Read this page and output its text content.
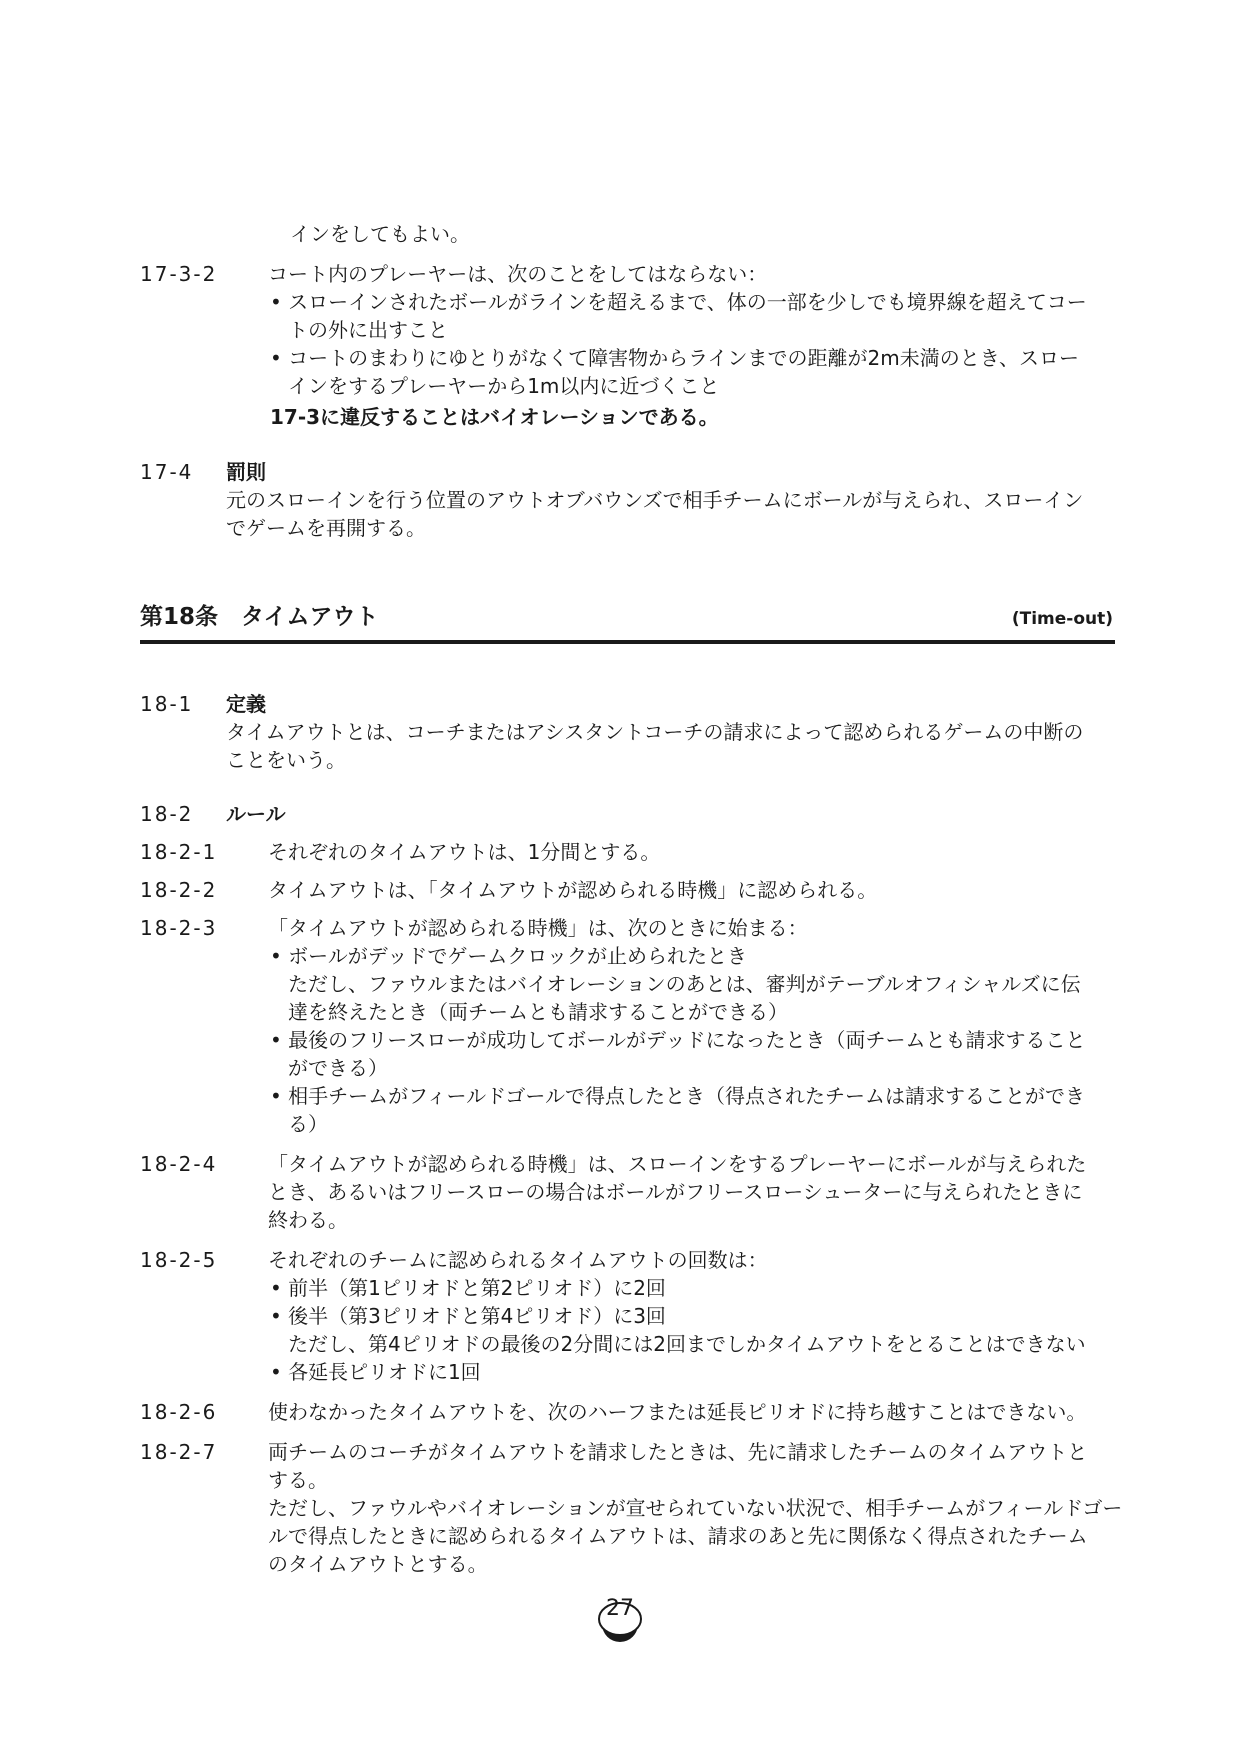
インをしてもよい。
17-3-2	コート内のプレーヤーは、次のことをしてはならない：
• スローインされたボールがラインを超えるまで、体の一部を少しでも境界線を超えてコー
トの外に出すこと
• コートのまわりにゆとりがなくて障害物からラインまでの距離が2m未満のとき、スロー
インをするプレーヤーから1m以内に近づくこと
17-3に違反することはバイオレーションである。
17-4 罰則
元のスローインを行う位置のアウトオブバウンズで相手チームにボールが与えられ、スローイン
でゲームを再開する。
第18条　タイムアウト	(Time-out)
18-1 定義
タイムアウトとは、コーチまたはアシスタントコーチの請求によって認められるゲームの中断の
ことをいう。
18-2 ルール
18-2-1	それぞれのタイムアウトは、1分間とする。
18-2-2	タイムアウトは、「タイムアウトが認められる時機」に認められる。
18-2-3	「タイムアウトが認められる時機」は、次のときに始まる：
• ボールがデッドでゲームクロックが止められたとき
ただし、ファウルまたはバイオレーションのあとは、審判がテーブルオフィシャルズに伝
達を終えたとき（両チームとも請求することができる）
• 最後のフリースローが成功してボールがデッドになったとき（両チームとも請求すること
ができる）
• 相手チームがフィールドゴールで得点したとき（得点されたチームは請求することができ
る）
18-2-4	「タイムアウトが認められる時機」は、スローインをするプレーヤーにボールが与えられた
とき、あるいはフリースローの場合はボールがフリースローシューターに与えられたときに
終わる。
18-2-5	それぞれのチームに認められるタイムアウトの回数は：
• 前半（第1ピリオドと第2ピリオド）に2回
• 後半（第3ピリオドと第4ピリオド）に3回
ただし、第4ピリオドの最後の2分間には2回までしかタイムアウトをとることはできない
• 各延長ピリオドに1回
18-2-6	使わなかったタイムアウトを、次のハーフまたは延長ピリオドに持ち越すことはできない。
18-2-7	両チームのコーチがタイムアウトを請求したときは、先に請求したチームのタイムアウトと
する。
ただし、ファウルやバイオレーションが宣せられていない状況で、相手チームがフィールドゴー
ルで得点したときに認められるタイムアウトは、請求のあと先に関係なく得点されたチーム
のタイムアウトとする。
27
